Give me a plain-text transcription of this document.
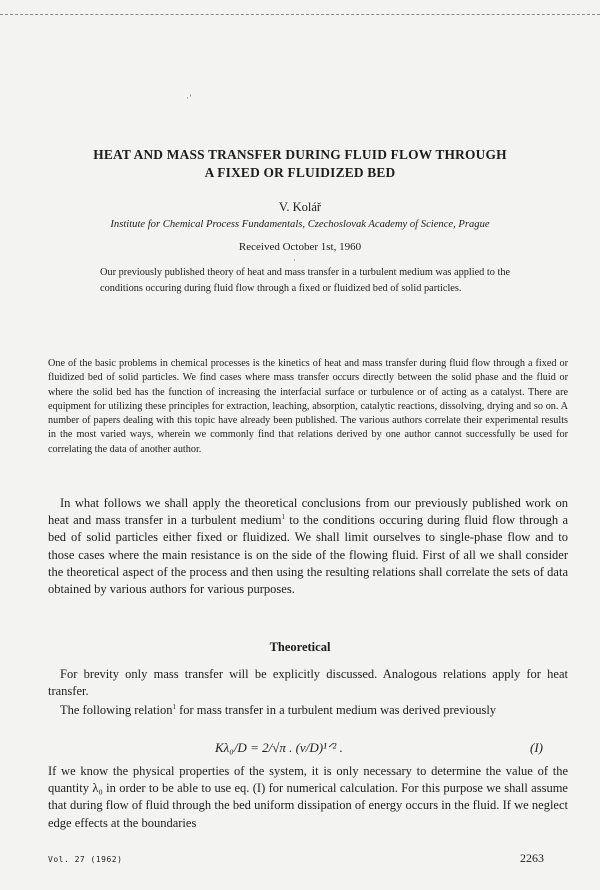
·’
·
HEAT AND MASS TRANSFER DURING FLUID FLOW THROUGH
A FIXED OR FLUIDIZED BED
V. Kolář
Institute for Chemical Process Fundamentals, Czechoslovak Academy of Science, Prague
Received October 1st, 1960
Our previously published theory of heat and mass transfer in a turbulent medium was applied to the conditions occuring during fluid flow through a fixed or fluidized bed of solid particles.
One of the basic problems in chemical processes is the kinetics of heat and mass transfer during fluid flow through a fixed or fluidized bed of solid particles. We find cases where mass transfer occurs directly between the solid phase and the fluid or where the solid bed has the function of increasing the interfacial surface or turbulence or of acting as a catalyst. There are equipment for utilizing these principles for extraction, leaching, absorption, catalytic reactions, dissolving, drying and so on. A number of papers dealing with this topic have already been published. The various authors correlate their experimental results in the most varied ways, wherein we commonly find that relations derived by one author cannot successfully be used for correlating the data of another author.
In what follows we shall apply the theoretical conclusions from our previously published work on heat and mass transfer in a turbulent medium$^1$ to the conditions occuring during fluid flow through a bed of solid particles either fixed or fluidized. We shall limit ourselves to single-phase flow and to those cases where the main resistance is on the side of the flowing fluid. First of all we shall consider the theoretical aspect of the process and then using the resulting relations shall correlate the sets of data obtained by various authors for various purposes.
Theoretical
For brevity only mass transfer will be explicitly discussed. Analogous relations apply for heat transfer.
The following relation$^1$ for mass transfer in a turbulent medium was derived previously
Kλ₀/D = 2/√π . (v/D)¹ᐟ² .	(I)
If we know the physical properties of the system, it is only necessary to determine the value of the quantity λ₀ in order to be able to use eq. (I) for numerical calculation. For this purpose we shall assume that during flow of fluid through the bed uniform dissipation of energy occurs in the fluid. If we neglect edge effects at the boundaries
Vol. 27 (1962)	2263
